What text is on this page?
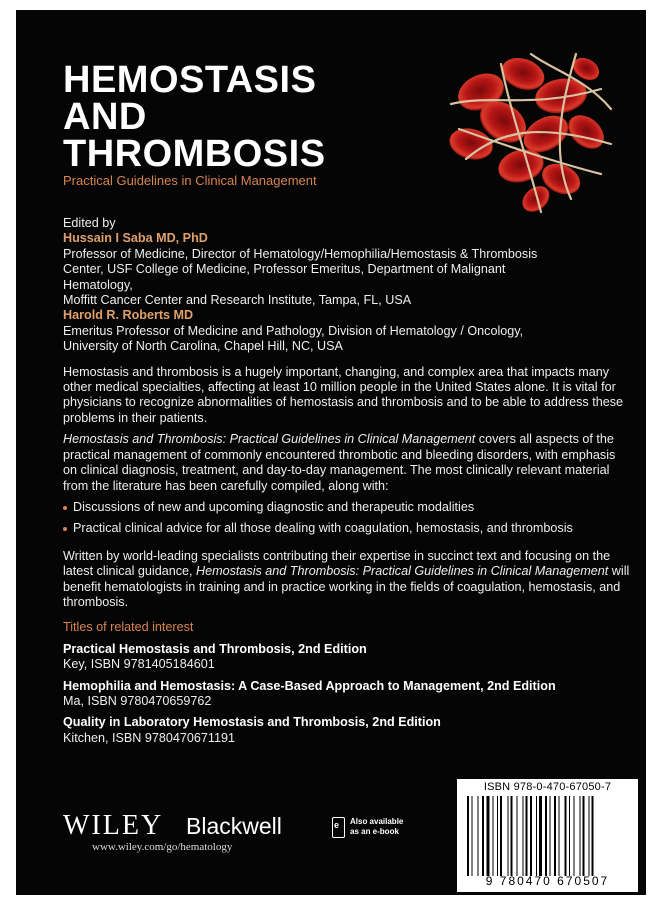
HEMOSTASIS
AND
THROMBOSIS
Practical Guidelines in Clinical Management

Edited by

Hussain I Saba MD, PhD

Professor of Medicine, Director of Hematology/Hemophilia/Hemostasis & Thrombosis

Center, USF College of Medicine, Professor Emeritus, Department of Malignant

Hematology,

Moffitt Cancer Center and Research Institute, Tampa, FL, USA

Harold R. Roberts MD

Emeritus Professor of Medicine and Pathology, Division of Hematology / Oncology,

University of North Carolina, Chapel Hill, NC, USA

Hemostasis and thrombosis is a hugely important, changing, and complex area that impacts many other medical specialties, affecting at least 10 million people in the United States alone. It is vital for physicians to recognize abnormalities of hemostasis and thrombosis and to be able to address these problems in their patients.

Hemostasis and Thrombosis: Practical Guidelines in Clinical Management covers all aspects of the practical management of commonly encountered thrombotic and bleeding disorders, with emphasis on clinical diagnosis, treatment, and day-to-day management. The most clinically relevant material from the literature has been carefully compiled, along with:

Discussions of new and upcoming diagnostic and therapeutic modalities
Practical clinical advice for all those dealing with coagulation, hemostasis, and thrombosis

Written by world-leading specialists contributing their expertise in succinct text and focusing on the latest clinical guidance, Hemostasis and Thrombosis: Practical Guidelines in Clinical Management will benefit hematologists in training and in practice working in the fields of coagulation, hemostasis, and thrombosis.

Titles of related interest

Practical Hemostasis and Thrombosis, 2nd Edition

Key, ISBN 9781405184601

Hemophilia and Hemostasis: A Case-Based Approach to Management, 2nd Edition

Ma, ISBN 9780470659762

Quality in Laboratory Hemostasis and Thrombosis, 2nd Edition

Kitchen, ISBN 9780470671191

WILEY Blackwell
www.wiley.com/go/hematology
e Also available
as an e-book
ISBN 978-0-470-67050-7
9 780470 670507
